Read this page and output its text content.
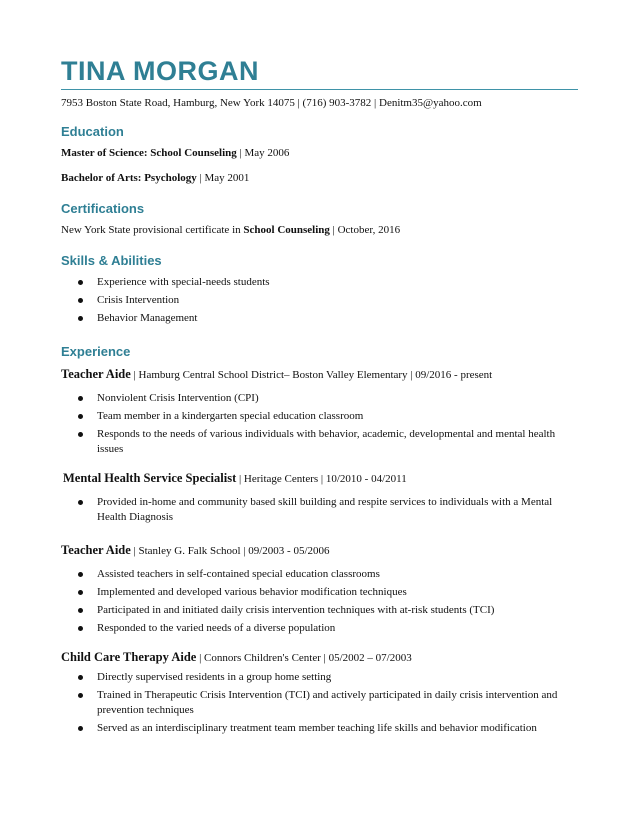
TINA MORGAN

7953 Boston State Road, Hamburg, New York 14075 | (716) 903-3782 | Denitm35@yahoo.com

Education

Master of Science: School Counseling | May 2006

Bachelor of Arts: Psychology | May 2001

Certifications

New York State provisional certificate in School Counseling | October, 2016

Skills & Abilities
Experience with special-needs students
Crisis Intervention
Behavior Management
Experience

Teacher Aide | Hamburg Central School District– Boston Valley Elementary | 09/2016 - present

Nonviolent Crisis Intervention (CPI)
Team member in a kindergarten special education classroom
Responds to the needs of various individuals with behavior, academic, developmental and mental health issues

Mental Health Service Specialist | Heritage Centers | 10/2010 - 04/2011

Provided in-home and community based skill building and respite services to individuals with a Mental Health Diagnosis

Teacher Aide | Stanley G. Falk School | 09/2003 - 05/2006

Assisted teachers in self-contained special education classrooms
Implemented and developed various behavior modification techniques
Participated in and initiated daily crisis intervention techniques with at-risk students (TCI)
Responded to the varied needs of a diverse population

Child Care Therapy Aide | Connors Children's Center | 05/2002 – 07/2003

Directly supervised residents in a group home setting
Trained in Therapeutic Crisis Intervention (TCI) and actively participated in daily crisis intervention and prevention techniques
Served as an interdisciplinary treatment team member teaching life skills and behavior modification
